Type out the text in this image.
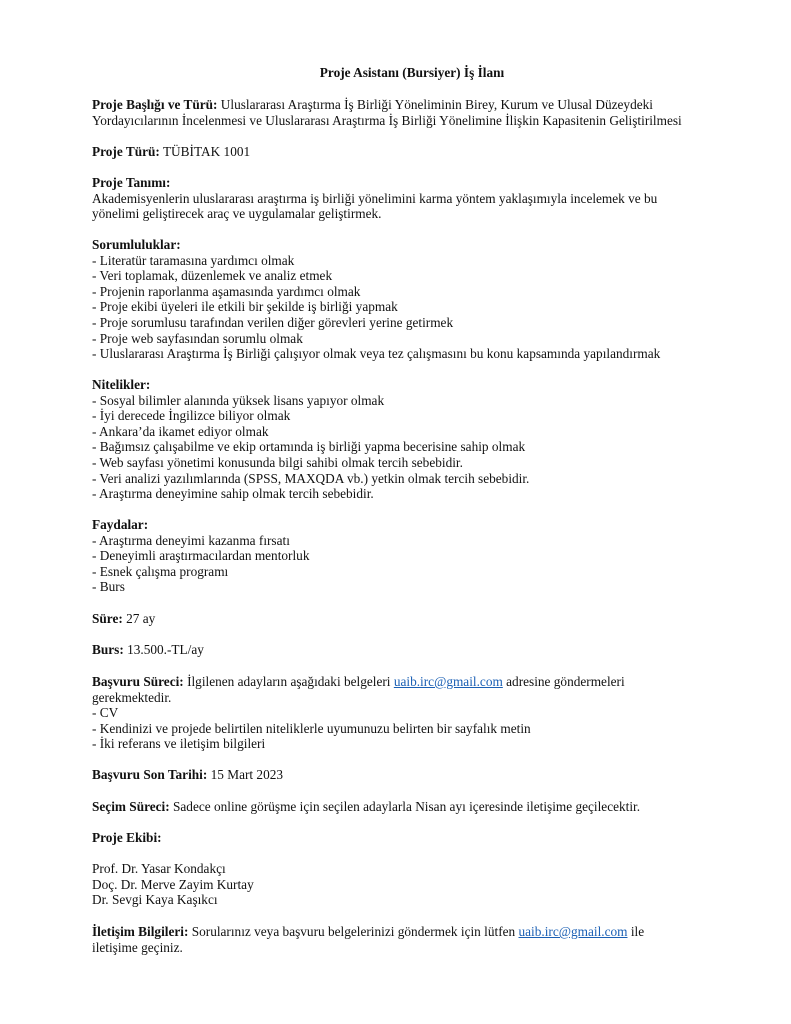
Proje Asistanı (Bursiyer) İş İlanı
Proje Başlığı ve Türü: Uluslararası Araştırma İş Birliği Yöneliminin Birey, Kurum ve Ulusal Düzeydeki
Yordayıcılarının İncelenmesi ve Uluslararası Araştırma İş Birliği Yönelimine İlişkin Kapasitenin Geliştirilmesi
Proje Türü: TÜBİTAK 1001
Proje Tanımı:
Akademisyenlerin uluslararası araştırma iş birliği yönelimini karma yöntem yaklaşımıyla incelemek ve bu
yönelimi geliştirecek araç ve uygulamalar geliştirmek.
Sorumluluklar:
- Literatür taramasına yardımcı olmak
- Veri toplamak, düzenlemek ve analiz etmek
- Projenin raporlanma aşamasında yardımcı olmak
- Proje ekibi üyeleri ile etkili bir şekilde iş birliği yapmak
- Proje sorumlusu tarafından verilen diğer görevleri yerine getirmek
- Proje web sayfasından sorumlu olmak
- Uluslararası Araştırma İş Birliği çalışıyor olmak veya tez çalışmasını bu konu kapsamında yapılandırmak
Nitelikler:
- Sosyal bilimler alanında yüksek lisans yapıyor olmak
- İyi derecede İngilizce biliyor olmak
- Ankara’da ikamet ediyor olmak
- Bağımsız çalışabilme ve ekip ortamında iş birliği yapma becerisine sahip olmak
- Web sayfası yönetimi konusunda bilgi sahibi olmak tercih sebebidir.
- Veri analizi yazılımlarında (SPSS, MAXQDA vb.) yetkin olmak tercih sebebidir.
- Araştırma deneyimine sahip olmak tercih sebebidir.
Faydalar:
- Araştırma deneyimi kazanma fırsatı
- Deneyimli araştırmacılardan mentorluk
- Esnek çalışma programı
- Burs
Süre: 27 ay
Burs: 13.500.-TL/ay
Başvuru Süreci: İlgilenen adayların aşağıdaki belgeleri uaib.irc@gmail.com adresine göndermeleri
gerekmektedir.
- CV
- Kendinizi ve projede belirtilen niteliklerle uyumunuzu belirten bir sayfalık metin
- İki referans ve iletişim bilgileri
Başvuru Son Tarihi: 15 Mart 2023
Seçim Süreci: Sadece online görüşme için seçilen adaylarla Nisan ayı içeresinde iletişime geçilecektir.
Proje Ekibi:
Prof. Dr. Yasar Kondakçı
Doç. Dr. Merve Zayim Kurtay
Dr. Sevgi Kaya Kaşıkcı
İletişim Bilgileri: Sorularınız veya başvuru belgelerinizi göndermek için lütfen uaib.irc@gmail.com ile
iletişime geçiniz.
